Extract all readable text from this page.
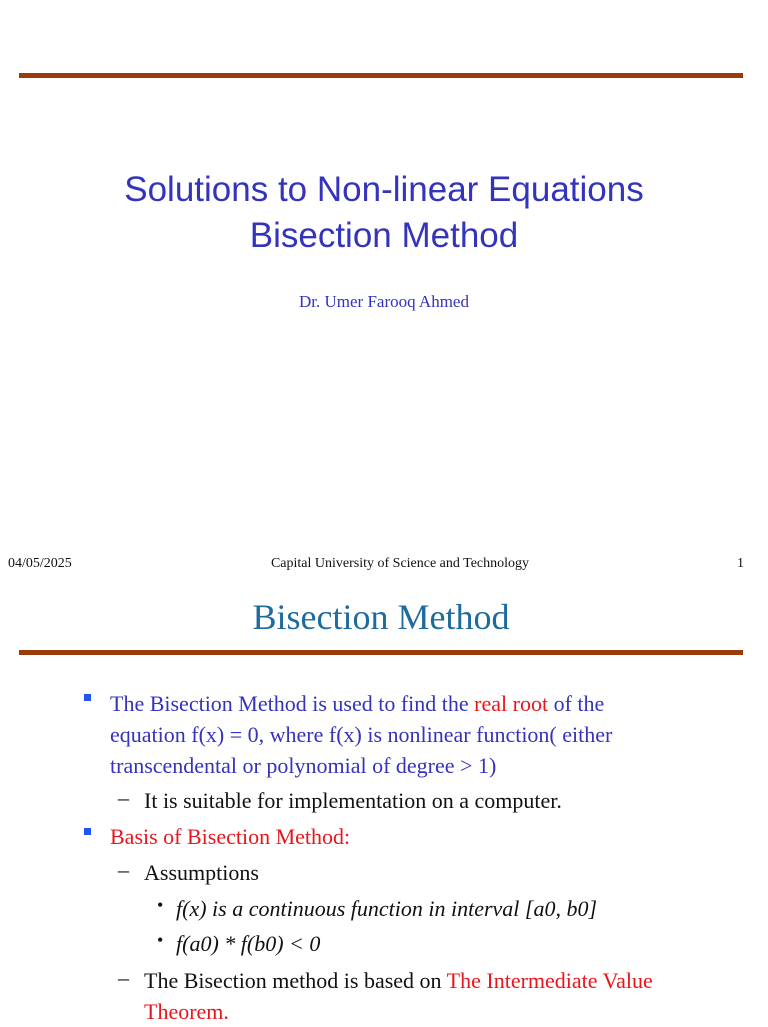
Solutions to Non-linear Equations
Bisection Method
Dr. Umer Farooq Ahmed
04/05/2025	Capital University of Science and Technology	1
Bisection Method
The Bisection Method is used to find the real root of the
equation f(x) = 0, where f(x) is nonlinear function( either
transcendental or polynomial of degree > 1)
– It is suitable for implementation on a computer.
Basis of Bisection Method:
– Assumptions
• f(x) is a continuous function in interval [a0, b0]
• f(a0) * f(b0) < 0
– The Bisection method is based on The Intermediate Value
Theorem.
